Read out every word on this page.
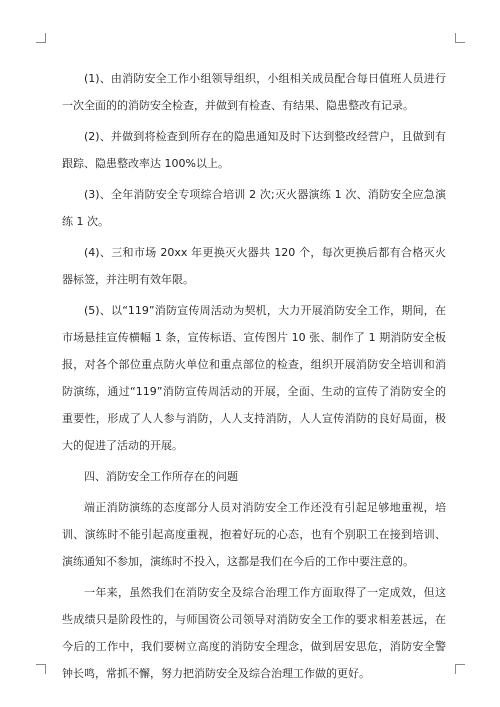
(1)、由消防安全工作小组领导组织，小组相关成员配合每日值班人员进行一次全面的的消防安全检查，并做到有检查、有结果、隐患整改有记录。

(2)、并做到将检查到所存在的隐患通知及时下达到整改经营户，且做到有跟踪、隐患整改率达 100%以上。

(3)、全年消防安全专项综合培训 2 次;灭火器演练 1 次、消防安全应急演练 1 次。

(4)、三和市场 20xx 年更换灭火器共 120 个，每次更换后都有合格灭火器标签，并注明有效年限。

(5)、以“119”消防宣传周活动为契机，大力开展消防安全工作，期间，在市场悬挂宣传横幅 1 条，宣传标语、宣传图片 10 张、制作了 1 期消防安全板报，对各个部位重点防火单位和重点部位的检查，组织开展消防安全培训和消防演练，通过“119”消防宣传周活动的开展，全面、生动的宣传了消防安全的重要性，形成了人人参与消防，人人支持消防，人人宣传消防的良好局面，极大的促进了活动的开展。

四、消防安全工作所存在的问题

端正消防演练的态度部分人员对消防安全工作还没有引起足够地重视，培训、演练时不能引起高度重视，抱着好玩的心态，也有个别职工在接到培训、演练通知不参加，演练时不投入，这都是我们在今后的工作中要注意的。

一年来，虽然我们在消防安全及综合治理工作方面取得了一定成效，但这些成绩只是阶段性的，与师国资公司领导对消防安全工作的要求相差甚远，在今后的工作中，我们要树立高度的消防安全理念，做到居安思危，消防安全警钟长鸣，常抓不懈，努力把消防安全及综合治理工作做的更好。
